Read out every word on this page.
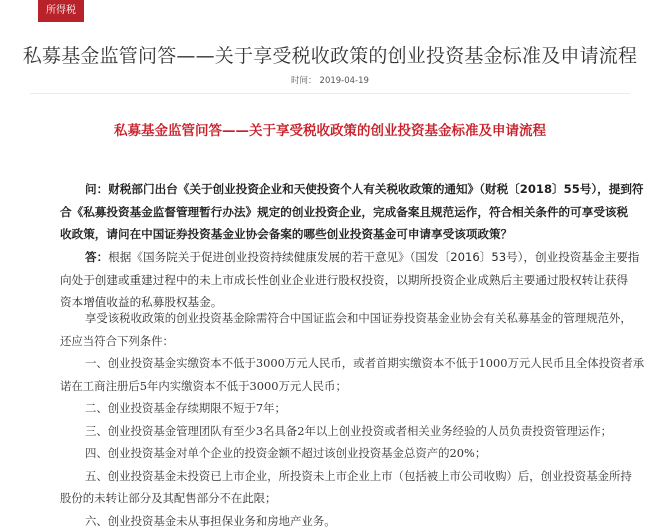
所得税
私募基金监管问答——关于享受税收政策的创业投资基金标准及申请流程
时间： 2019-04-19
私募基金监管问答——关于享受税收政策的创业投资基金标准及申请流程
问：财税部门出台《关于创业投资企业和天使投资个人有关税收政策的通知》（财税〔2018〕55号），提到符
合《私募投资基金监督管理暂行办法》规定的创业投资企业，完成备案且规范运作，符合相关条件的可享受该税
收政策，请问在中国证券投资基金业协会备案的哪些创业投资基金可申请享受该项政策？
答：根据《国务院关于促进创业投资持续健康发展的若干意见》（国发〔2016〕53号），创业投资基金主要指
向处于创建或重建过程中的未上市成长性创业企业进行股权投资，以期所投资企业成熟后主要通过股权转让获得
资本增值收益的私募股权基金。
享受该税收政策的创业投资基金除需符合中国证监会和中国证券投资基金业协会有关私募基金的管理规范外，
还应当符合下列条件：
一、创业投资基金实缴资本不低于3000万元人民币，或者首期实缴资本不低于1000万元人民币且全体投资者承
诺在工商注册后5年内实缴资本不低于3000万元人民币；
二、创业投资基金存续期限不短于7年；
三、创业投资基金管理团队有至少3名具备2年以上创业投资或者相关业务经验的人员负责投资管理运作；
四、创业投资基金对单个企业的投资金额不超过该创业投资基金总资产的20%；
五、创业投资基金未投资已上市企业，所投资未上市企业上市（包括被上市公司收购）后，创业投资基金所持
股份的未转让部分及其配售部分不在此限；
六、创业投资基金未从事担保业务和房地产业务。
